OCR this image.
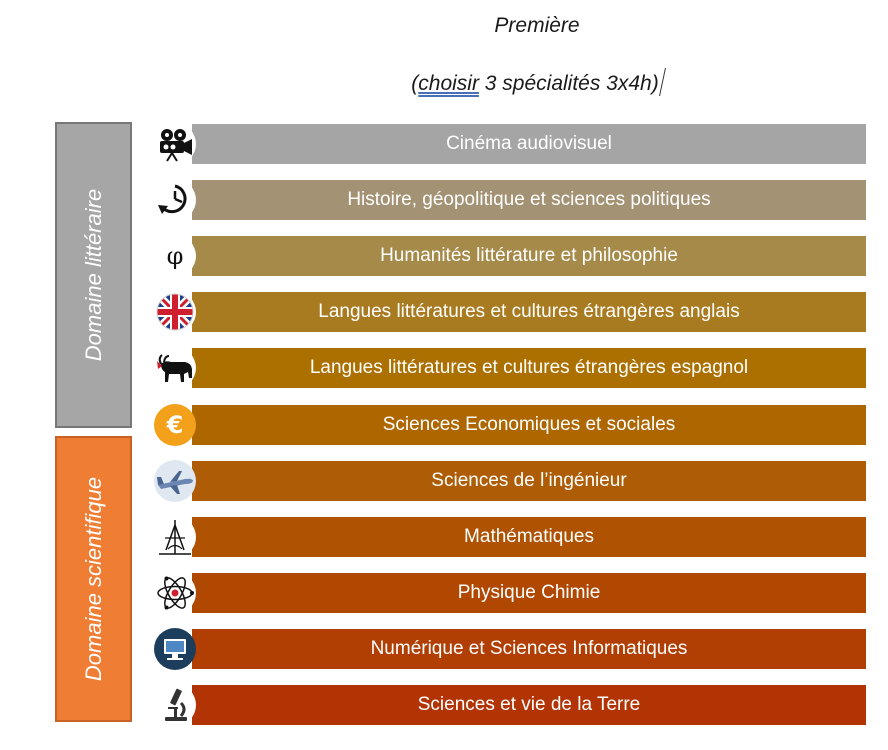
Première
(choisir 3 spécialités 3x4h)
Domaine littéraire
Domaine scientifique
Cinéma audiovisuel
Histoire, géopolitique et sciences politiques
φ	Humanités littérature et philosophie
Langues littératures et cultures étrangères anglais
Langues littératures et cultures étrangères espagnol
€	Sciences Economiques et sociales
Sciences de l’ingénieur
Mathématiques
Physique Chimie
Numérique et Sciences Informatiques
Sciences et vie de la Terre
